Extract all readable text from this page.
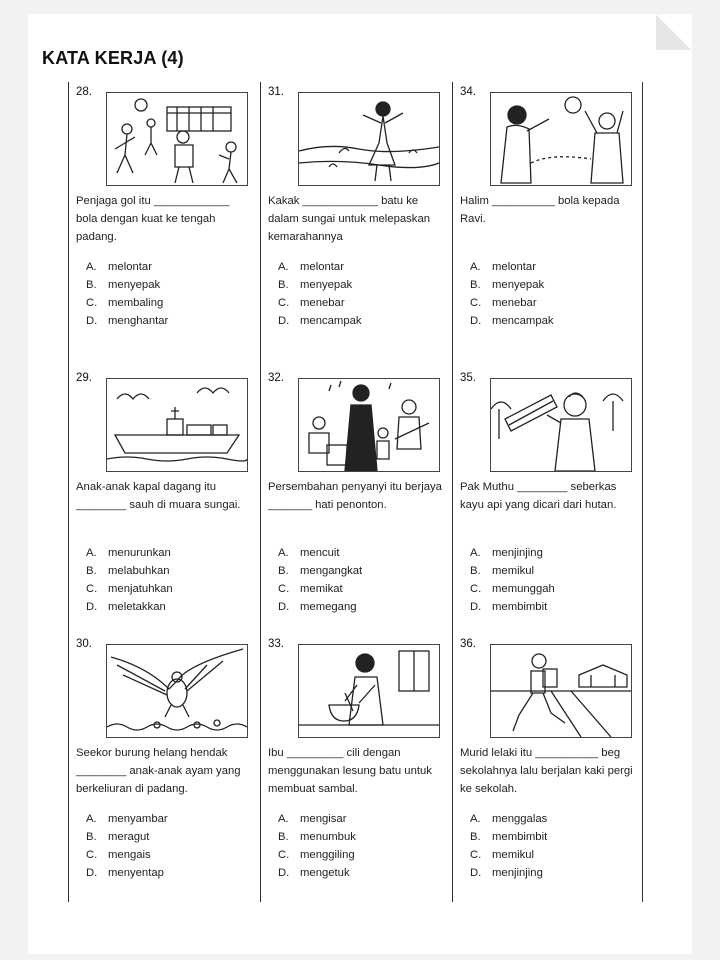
KATA KERJA (4)
28.
Penjaga gol itu ____________ bola dengan kuat ke tengah padang.
A.	melontar
B.	menyepak
C. membaling
D. menghantar
31.
Kakak ____________ batu ke dalam sungai untuk melepaskan kemarahannya
A.	melontar
B.	menyepak
C. menebar
D. mencampak
34.
Halim __________ bola kepada Ravi.
A.	melontar
B.	menyepak
C. menebar
D. mencampak
29.
Anak-anak kapal dagang itu ________ sauh di muara sungai.
A.	menurunkan
B.	melabuhkan
C. menjatuhkan
D. meletakkan
32.
Persembahan penyanyi itu berjaya _______ hati penonton.
A.	mencuit
B.	mengangkat
C. memikat
D. memegang
35.
Pak Muthu ________ seberkas kayu api yang dicari dari hutan.
A.	menjinjing
B.	memikul
C. memunggah
D. membimbit
30.
Seekor burung helang hendak ________ anak-anak ayam yang berkeliuran di padang.
A.	menyambar
B.	meragut
C. mengais
D. menyentap
33.
Ibu _________ cili dengan menggunakan lesung batu untuk membuat sambal.
A.	mengisar
B.	menumbuk
C. menggiling
D. mengetuk
36.
Murid lelaki itu __________ beg sekolahnya lalu berjalan kaki pergi ke sekolah.
A.	menggalas
B.	membimbit
C. memikul
D. menjinjing
